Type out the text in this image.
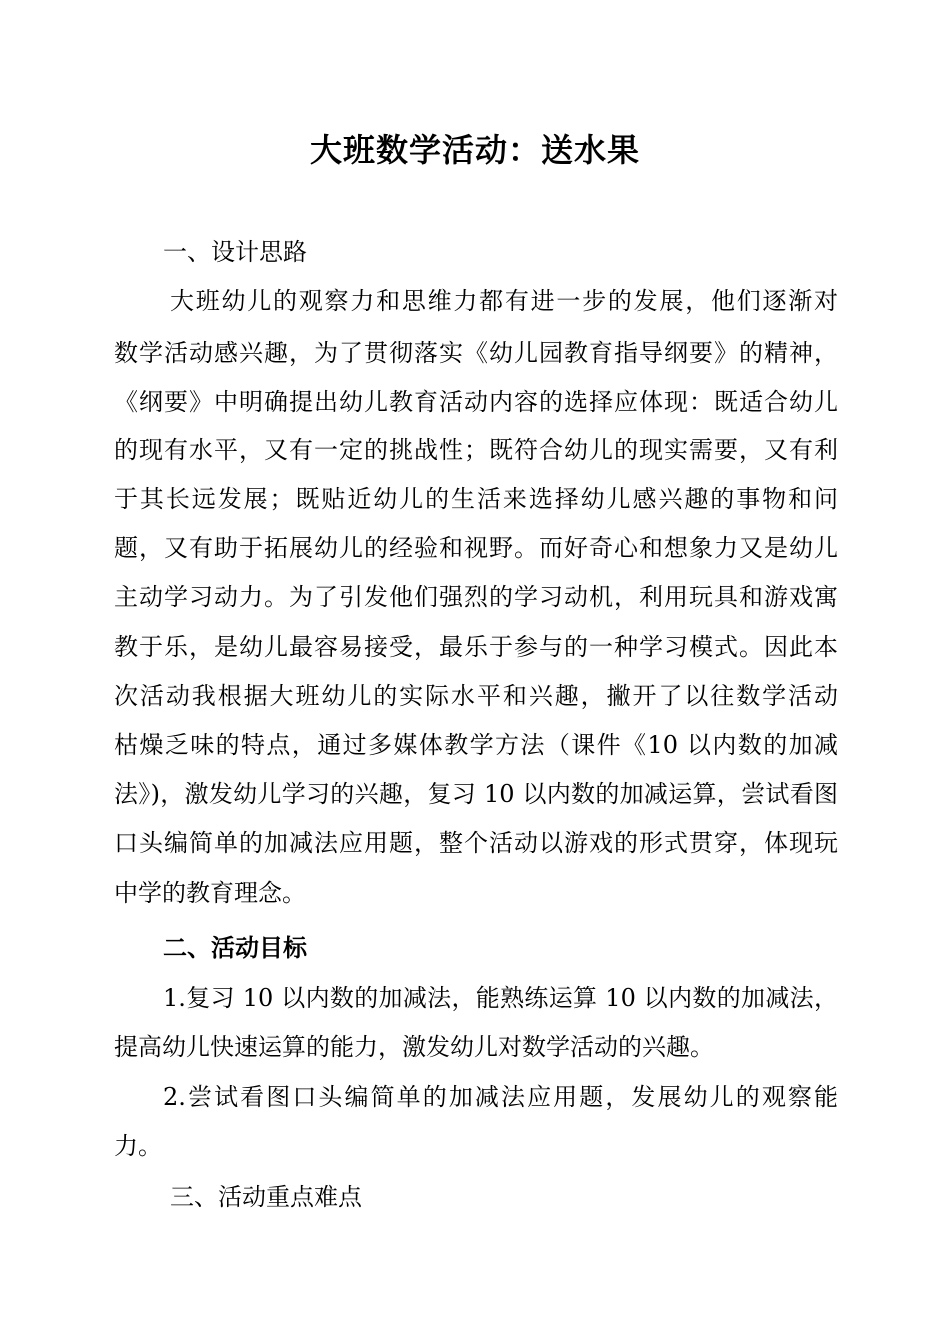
大班数学活动：送水果
一、设计思路
大班幼儿的观察力和思维力都有进一步的发展，他们逐渐对
数学活动感兴趣，为了贯彻落实《幼儿园教育指导纲要》的精神，
《纲要》中明确提出幼儿教育活动内容的选择应体现：既适合幼儿
的现有水平，又有一定的挑战性；既符合幼儿的现实需要，又有利
于其长远发展；既贴近幼儿的生活来选择幼儿感兴趣的事物和问
题，又有助于拓展幼儿的经验和视野。而好奇心和想象力又是幼儿
主动学习动力。为了引发他们强烈的学习动机，利用玩具和游戏寓
教于乐，是幼儿最容易接受，最乐于参与的一种学习模式。因此本
次活动我根据大班幼儿的实际水平和兴趣，撇开了以往数学活动
枯燥乏味的特点，通过多媒体教学方法（课件《10 以内数的加减
法》)，激发幼儿学习的兴趣，复习 10 以内数的加减运算，尝试看图
口头编简单的加减法应用题，整个活动以游戏的形式贯穿，体现玩
中学的教育理念。
二、活动目标
1.复习 10 以内数的加减法，能熟练运算 10 以内数的加减法，
提高幼儿快速运算的能力，激发幼儿对数学活动的兴趣。
2.尝试看图口头编简单的加减法应用题，发展幼儿的观察能
力。
三、活动重点难点
